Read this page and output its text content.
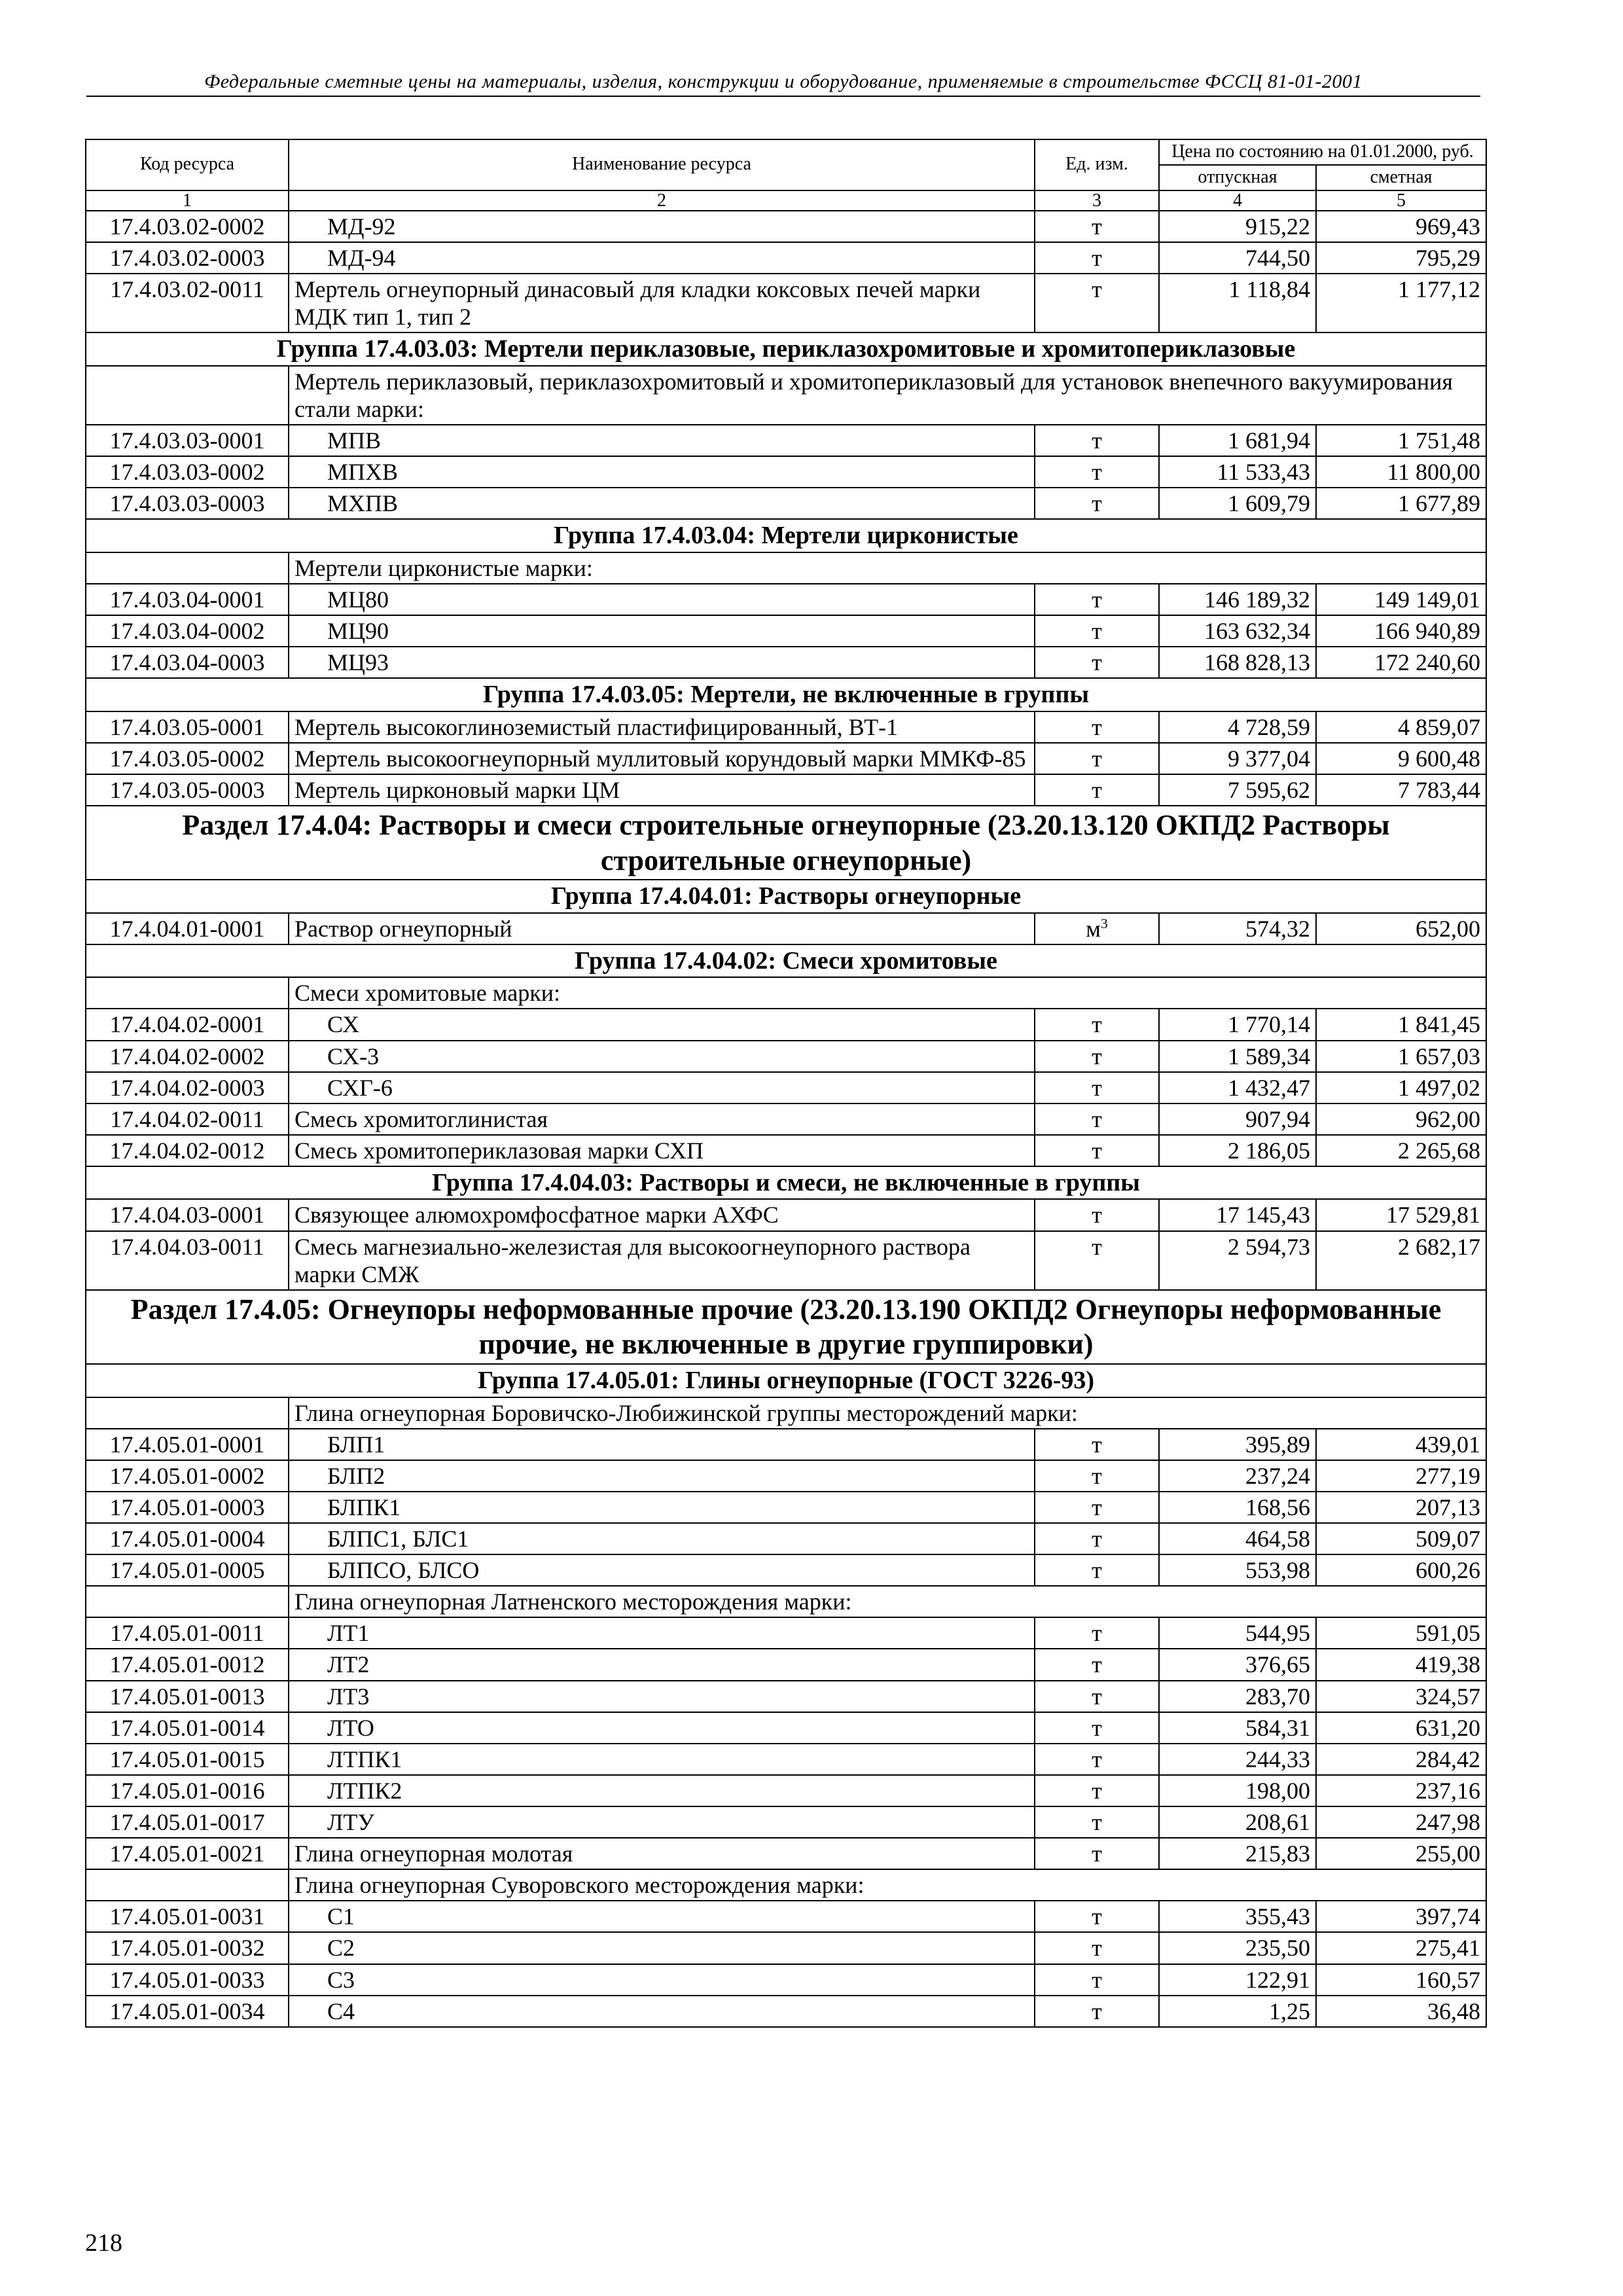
Федеральные сметные цены на материалы, изделия, конструкции и оборудование, применяемые в строительстве ФССЦ 81-01-2001
Код ресурса	Наименование ресурса	Ед. изм.	Цена по состоянию на 01.01.2000, руб.	
			отпускная	сметная
1	2	3	4	5
17.4.03.02-0002	МД-92	т	915,22	969,43
17.4.03.02-0003	МД-94	т	744,50	795,29
17.4.03.02-0011	Мертель огнеупорный динасовый для кладки коксовых печей марки МДК тип 1, тип 2	т	1 118,84	1 177,12
Группа 17.4.03.03: Мертели периклазовые, периклазохромитовые и хромитопериклазовые				
	Мертель периклазовый, периклазохромитовый и хромитопериклазовый для установок внепечного вакуумирования стали марки:			
17.4.03.03-0001	МПВ	т	1 681,94	1 751,48
17.4.03.03-0002	МПХВ	т	11 533,43	11 800,00
17.4.03.03-0003	МХПВ	т	1 609,79	1 677,89
Группа 17.4.03.04: Мертели цирконистые				
	Мертели цирконистые марки:			
17.4.03.04-0001	МЦ80	т	146 189,32	149 149,01
17.4.03.04-0002	МЦ90	т	163 632,34	166 940,89
17.4.03.04-0003	МЦ93	т	168 828,13	172 240,60
Группа 17.4.03.05: Мертели, не включенные в группы				
17.4.03.05-0001	Мертель высокоглиноземистый пластифицированный, ВТ-1	т	4 728,59	4 859,07
17.4.03.05-0002	Мертель высокоогнеупорный муллитовый корундовый марки ММКФ-85	т	9 377,04	9 600,48
17.4.03.05-0003	Мертель цирконовый марки ЦМ	т	7 595,62	7 783,44
Раздел 17.4.04: Растворы и смеси строительные огнеупорные (23.20.13.120 ОКПД2 Растворы строительные огнеупорные)				
Группа 17.4.04.01: Растворы огнеупорные				
17.4.04.01-0001	Раствор огнеупорный	$м^3$	574,32	652,00
Группа 17.4.04.02: Смеси хромитовые				
	Смеси хромитовые марки:			
17.4.04.02-0001	СХ	т	1 770,14	1 841,45
17.4.04.02-0002	СХ-3	т	1 589,34	1 657,03
17.4.04.02-0003	СХГ-6	т	1 432,47	1 497,02
17.4.04.02-0011	Смесь хромитоглинистая	т	907,94	962,00
17.4.04.02-0012	Смесь хромитопериклазовая марки СХП	т	2 186,05	2 265,68
Группа 17.4.04.03: Растворы и смеси, не включенные в группы				
17.4.04.03-0001	Связующее алюмохромфосфатное марки АХФС	т	17 145,43	17 529,81
17.4.04.03-0011	Смесь магнезиально-железистая для высокоогнеупорного раствора марки СМЖ	т	2 594,73	2 682,17
Раздел 17.4.05: Огнеупоры неформованные прочие (23.20.13.190 ОКПД2 Огнеупоры неформованные прочие, не включенные в другие группировки)				
Группа 17.4.05.01: Глины огнеупорные (ГОСТ 3226-93)				
	Глина огнеупорная Боровичско-Любижинской группы месторождений марки:			
17.4.05.01-0001	БЛП1	т	395,89	439,01
17.4.05.01-0002	БЛП2	т	237,24	277,19
17.4.05.01-0003	БЛПК1	т	168,56	207,13
17.4.05.01-0004	БЛПС1, БЛС1	т	464,58	509,07
17.4.05.01-0005	БЛПСО, БЛСО	т	553,98	600,26
	Глина огнеупорная Латненского месторождения марки:			
17.4.05.01-0011	ЛТ1	т	544,95	591,05
17.4.05.01-0012	ЛТ2	т	376,65	419,38
17.4.05.01-0013	ЛТ3	т	283,70	324,57
17.4.05.01-0014	ЛТО	т	584,31	631,20
17.4.05.01-0015	ЛТПК1	т	244,33	284,42
17.4.05.01-0016	ЛТПК2	т	198,00	237,16
17.4.05.01-0017	ЛТУ	т	208,61	247,98
17.4.05.01-0021	Глина огнеупорная молотая	т	215,83	255,00
	Глина огнеупорная Суворовского месторождения марки:			
17.4.05.01-0031	С1	т	355,43	397,74
17.4.05.01-0032	С2	т	235,50	275,41
17.4.05.01-0033	С3	т	122,91	160,57
17.4.05.01-0034	С4	т	1,25	36,48
218
